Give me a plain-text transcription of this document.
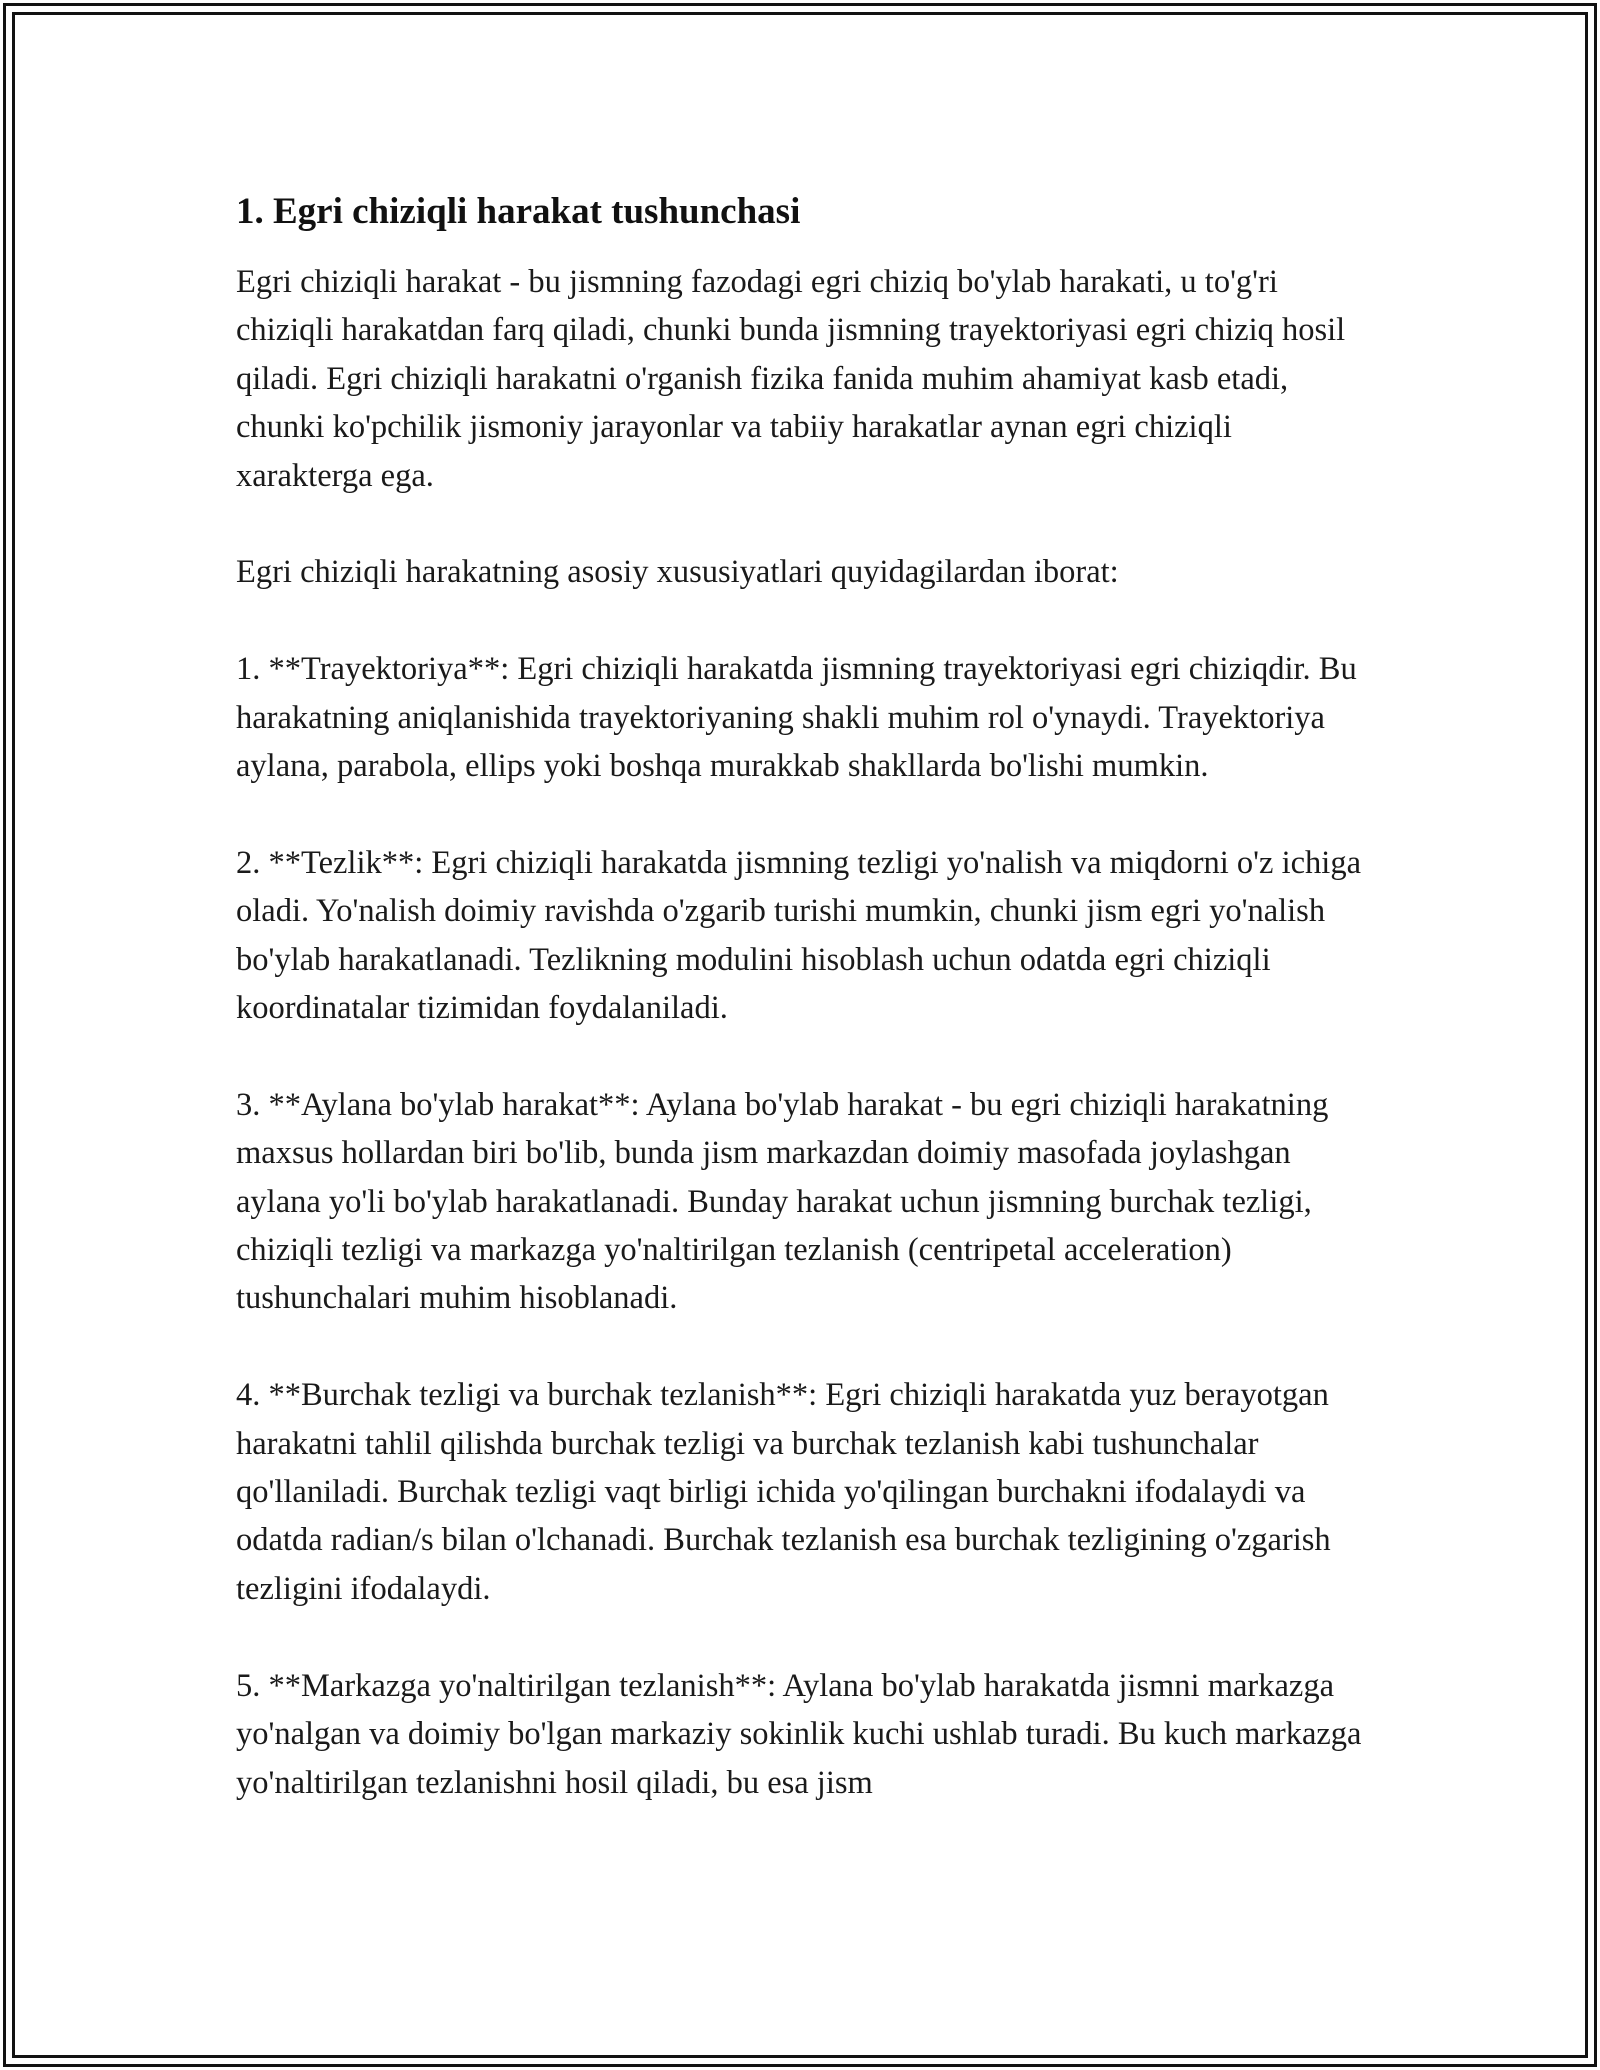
1. Egri chiziqli harakat tushunchasi

Egri chiziqli harakat - bu jismning fazodagi egri chiziq bo'ylab harakati, u to'g'ri chiziqli harakatdan farq qiladi, chunki bunda jismning trayektoriyasi egri chiziq hosil qiladi. Egri chiziqli harakatni o'rganish fizika fanida muhim ahamiyat kasb etadi, chunki ko'pchilik jismoniy jarayonlar va tabiiy harakatlar aynan egri chiziqli xarakterga ega.

Egri chiziqli harakatning asosiy xususiyatlari quyidagilardan iborat:

1. **Trayektoriya**: Egri chiziqli harakatda jismning trayektoriyasi egri chiziqdir. Bu harakatning aniqlanishida trayektoriyaning shakli muhim rol o'ynaydi. Trayektoriya aylana, parabola, ellips yoki boshqa murakkab shakllarda bo'lishi mumkin.

2. **Tezlik**: Egri chiziqli harakatda jismning tezligi yo'nalish va miqdorni o'z ichiga oladi. Yo'nalish doimiy ravishda o'zgarib turishi mumkin, chunki jism egri yo'nalish bo'ylab harakatlanadi. Tezlikning modulini hisoblash uchun odatda egri chiziqli koordinatalar tizimidan foydalaniladi.

3. **Aylana bo'ylab harakat**: Aylana bo'ylab harakat - bu egri chiziqli harakatning maxsus hollardan biri bo'lib, bunda jism markazdan doimiy masofada joylashgan aylana yo'li bo'ylab harakatlanadi. Bunday harakat uchun jismning burchak tezligi, chiziqli tezligi va markazga yo'naltirilgan tezlanish (centripetal acceleration) tushunchalari muhim hisoblanadi.

4. **Burchak tezligi va burchak tezlanish**: Egri chiziqli harakatda yuz berayotgan harakatni tahlil qilishda burchak tezligi va burchak tezlanish kabi tushunchalar qo'llaniladi. Burchak tezligi vaqt birligi ichida yo'qilingan burchakni ifodalaydi va odatda radian/s bilan o'lchanadi. Burchak tezlanish esa burchak tezligining o'zgarish tezligini ifodalaydi.

5. **Markazga yo'naltirilgan tezlanish**: Aylana bo'ylab harakatda jismni markazga yo'nalgan va doimiy bo'lgan markaziy sokinlik kuchi ushlab turadi. Bu kuch markazga yo'naltirilgan tezlanishni hosil qiladi, bu esa jism
